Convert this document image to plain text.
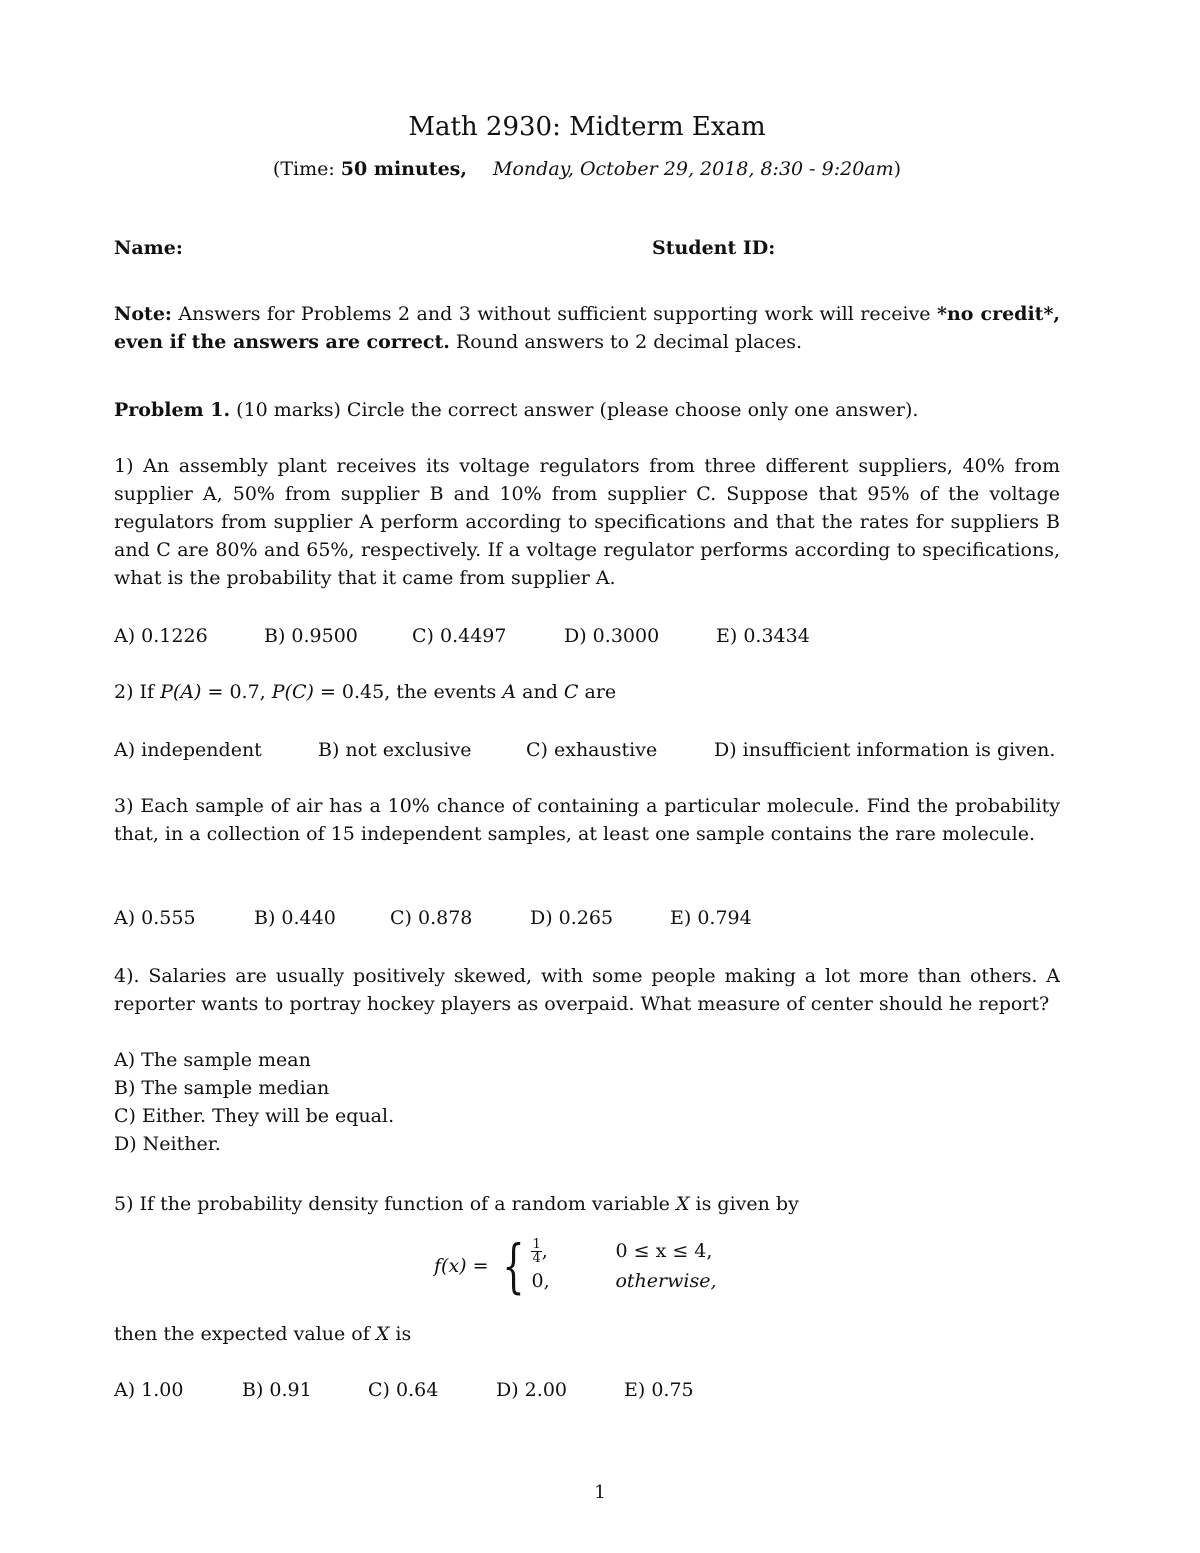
Math 2930: Midterm Exam
(Time: 50 minutes, Monday, October 29, 2018, 8:30 - 9:20am)
Name:	Student ID:
Note: Answers for Problems 2 and 3 without sufficient supporting work will receive *no credit*, even if the answers are correct. Round answers to 2 decimal places.
Problem 1. (10 marks) Circle the correct answer (please choose only one answer).
1) An assembly plant receives its voltage regulators from three different suppliers, 40% from supplier A, 50% from supplier B and 10% from supplier C. Suppose that 95% of the voltage regulators from supplier A perform according to specifications and that the rates for suppliers B and C are 80% and 65%, respectively. If a voltage regulator performs according to specifications, what is the probability that it came from supplier A.
A) 0.1226	B) 0.9500	C) 0.4497	D) 0.3000	E) 0.3434
2) If P(A) = 0.7, P(C) = 0.45, the events A and C are
A) independent	B) not exclusive	C) exhaustive	D) insufficient information is given.
3) Each sample of air has a 10% chance of containing a particular molecule. Find the probability that, in a collection of 15 independent samples, at least one sample contains the rare molecule.
A) 0.555	B) 0.440	C) 0.878	D) 0.265	E) 0.794
4). Salaries are usually positively skewed, with some people making a lot more than others. A reporter wants to portray hockey players as overpaid. What measure of center should he report?
A) The sample mean
B) The sample median
C) Either. They will be equal.
D) Neither.
5) If the probability density function of a random variable X is given by
f(x) = { $\frac{1}{4}$ ,	0 ≤ x ≤ 4,
0,	otherwise,
then the expected value of X is
A) 1.00	B) 0.91	C) 0.64	D) 2.00	E) 0.75
1
